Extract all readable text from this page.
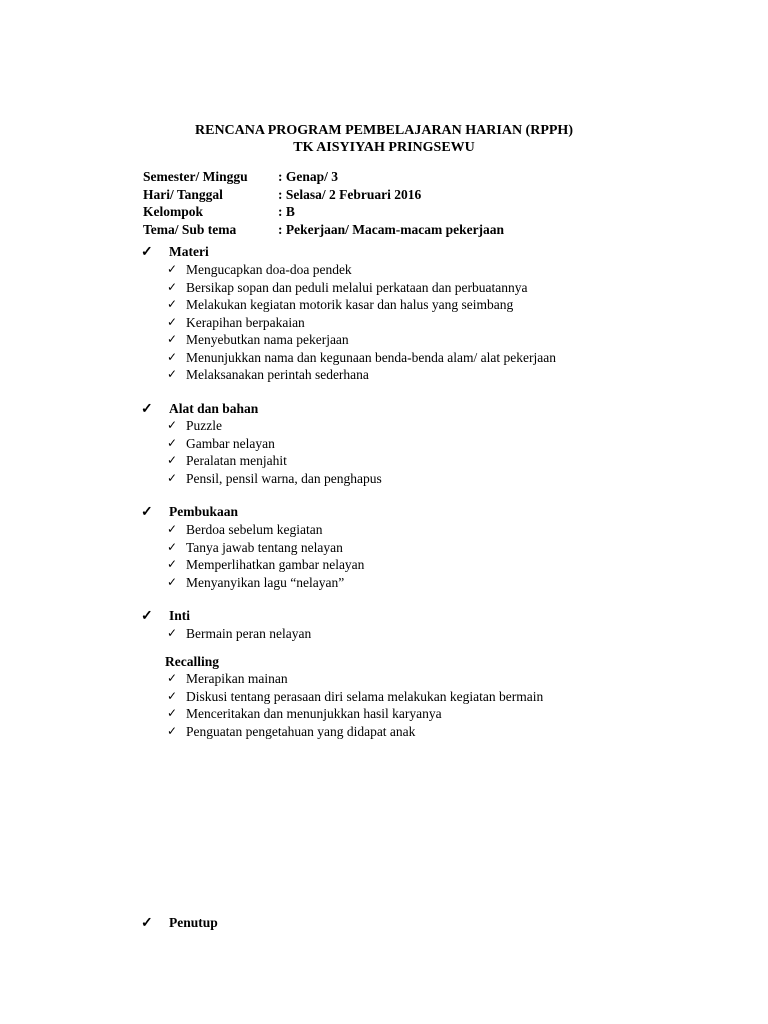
RENCANA PROGRAM PEMBELAJARAN HARIAN (RPPH)
TK AISYIYAH PRINGSEWU
Semester/ Minggu	: Genap/ 3
Hari/ Tanggal	: Selasa/ 2 Februari 2016
Kelompok	: B
Tema/ Sub tema	: Pekerjaan/ Macam-macam pekerjaan
✓ Materi
✓ Mengucapkan doa-doa pendek
✓ Bersikap sopan dan peduli melalui perkataan dan perbuatannya
✓ Melakukan kegiatan motorik kasar dan halus yang seimbang
✓ Kerapihan berpakaian
✓ Menyebutkan nama pekerjaan
✓ Menunjukkan nama dan kegunaan benda-benda alam/ alat pekerjaan
✓ Melaksanakan perintah sederhana
✓ Alat dan bahan
✓ Puzzle
✓ Gambar nelayan
✓ Peralatan menjahit
✓ Pensil, pensil warna, dan penghapus
✓ Pembukaan
✓ Berdoa sebelum kegiatan
✓ Tanya jawab tentang nelayan
✓ Memperlihatkan gambar nelayan
✓ Menyanyikan lagu “nelayan”
✓ Inti
✓ Bermain peran nelayan
Recalling
✓ Merapikan mainan
✓ Diskusi tentang perasaan diri selama melakukan kegiatan bermain
✓ Menceritakan dan menunjukkan hasil karyanya
✓ Penguatan pengetahuan yang didapat anak
✓ Penutup
